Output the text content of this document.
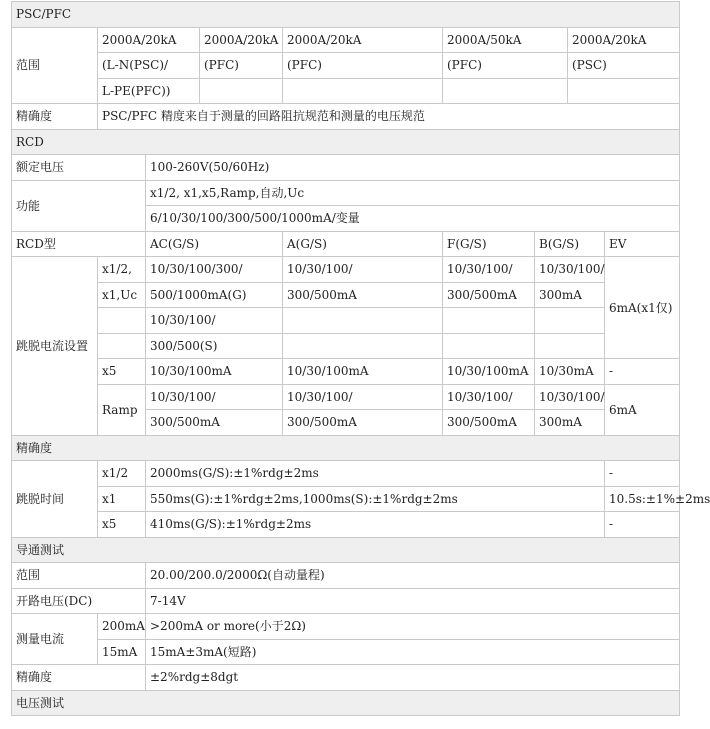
PSC/PFC								
范围	2000A/20kA		2000A/20kA	2000A/20kA	2000A/50kA		2000A/20kA	
	(L-N(PSC)/		(PFC)	(PFC)	(PFC)		(PSC)	
	L-PE(PFC))							
精确度	PSC/PFC 精度来自于测量的回路阻抗规范和测量的电压规范							
RCD								
额定电压		100-260V(50/60Hz)						
功能		x1/2, x1,x5,Ramp,自动,Uc						
		6/10/30/100/300/500/1000mA/变量						
RCD型		AC(G/S)		A(G/S)	F(G/S)	B(G/S)		EV
跳脱电流设置	x1/2,	10/30/100/300/		10/30/100/	10/30/100/	10/30/100/		6mA(x1仅)
	x1,Uc	500/1000mA(G)		300/500mA	300/500mA	300mA		
		10/30/100/						
		300/500(S)						
	x5	10/30/100mA		10/30/100mA	10/30/100mA	10/30mA		-
	Ramp	10/30/100/		10/30/100/	10/30/100/	10/30/100/		6mA
		300/500mA		300/500mA	300/500mA	300mA		
精确度								
跳脱时间	x1/2	2000ms(G/S):±1%rdg±2ms						-
	x1	550ms(G):±1%rdg±2ms,1000ms(S):±1%rdg±2ms						10.5s:±1%±2ms
	x5	410ms(G/S):±1%rdg±2ms						-
导通测试								
范围		20.00/200.0/2000Ω(自动量程)						
开路电压(DC)		7-14V						
测量电流	200mA	>200mA or more(小于2Ω)						
	15mA	15mA±3mA(短路)						
精确度		±2%rdg±8dgt						
电压测试								
